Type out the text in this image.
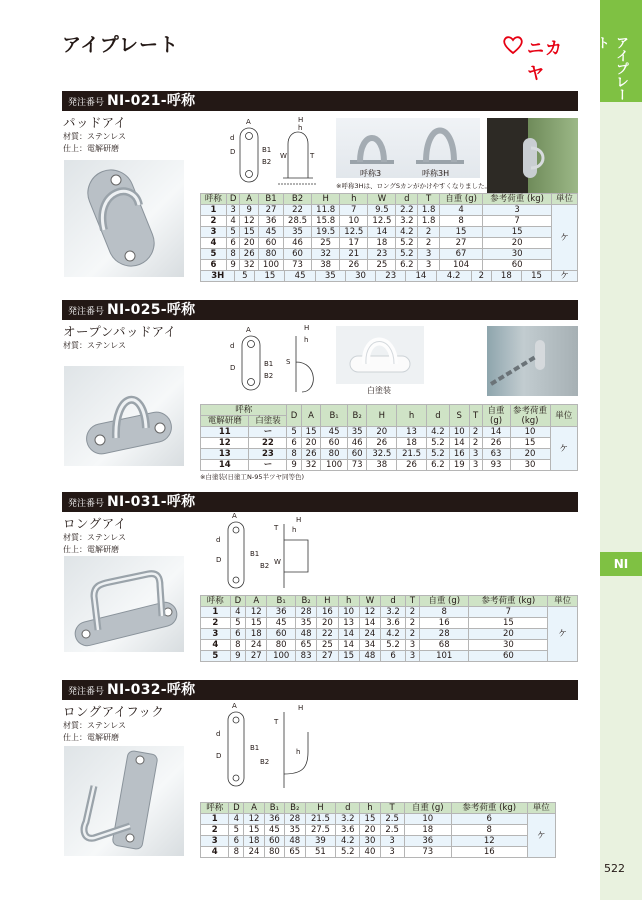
アイプレート
NI
522
アイプレート	ニカヤ
発注番号 NI-021-呼称
パッドアイ
材質：ステンレス
仕上：電解研磨
A
D
d
B1
B2
H
h
W	T
呼称3	呼称3H
※呼称3Hは、ロングSカンがかけやすくなりました。
呼称	D	A	B1	B2	H	h	W	d	T	自重 (g)	参考荷重 (kg)	単位
1	3	9	27	22	11.8	7	9.5	2.2	1.8	4	3	ケ
2	4	12	36	28.5	15.8	10	12.5	3.2	1.8	8	7	
3	5	15	45	35	19.5	12.5	14	4.2	2	15	15	
4	6	20	60	46	25	17	18	5.2	2	27	20	
5	8	26	80	60	32	21	23	5.2	3	67	30	
6	9	32	100	73	38	26	25	6.2	3	104	60	
3H	5	15	45	35	30	23	14	4.2	2	18	15	ケ
発注番号 NI-025-呼称
オープンパッドアイ
材質：ステンレス
A
D
d
B1
B2
H
h
S
白塗装
呼称		D	A	B₁	B₂	H	h	d	S	T	自重 (g)	参考荷重 (kg)	単位
電解研磨	白塗装												
11	ー	5	15	45	35	20	13	4.2	10	2	14	10	ケ
12	22	6	20	60	46	26	18	5.2	14	2	26	15	
13	23	8	26	80	60	32.5	21.5	5.2	16	3	63	20	
14	ー	9	32	100	73	38	26	6.2	19	3	93	30	
※白塗装(日塗工N-95半ツヤ同等色)
発注番号 NI-031-呼称
ロングアイ
材質：ステンレス
仕上：電解研磨
A
D
d
B1
B2
H
h
T
W
呼称	D	A	B₁	B₂	H	h	W	d	T	自重 (g)	参考荷重 (kg)	単位
1	4	12	36	28	16	10	12	3.2	2	8	7	ケ
2	5	15	45	35	20	13	14	3.6	2	16	15	
3	6	18	60	48	22	14	24	4.2	2	28	20	
4	8	24	80	65	25	14	34	5.2	3	68	30	
5	9	27	100	83	27	15	48	6	3	101	60	
発注番号 NI-032-呼称
ロングアイフック
材質：ステンレス
仕上：電解研磨
A
D
d
B1
B2
H
h
T
呼称	D	A	B₁	B₂	H	d	h	T	自重 (g)	参考荷重 (kg)	単位
1	4	12	36	28	21.5	3.2	15	2.5	10	6	ケ
2	5	15	45	35	27.5	3.6	20	2.5	18	8	
3	6	18	60	48	39	4.2	30	3	36	12	
4	8	24	80	65	51	5.2	40	3	73	16	
